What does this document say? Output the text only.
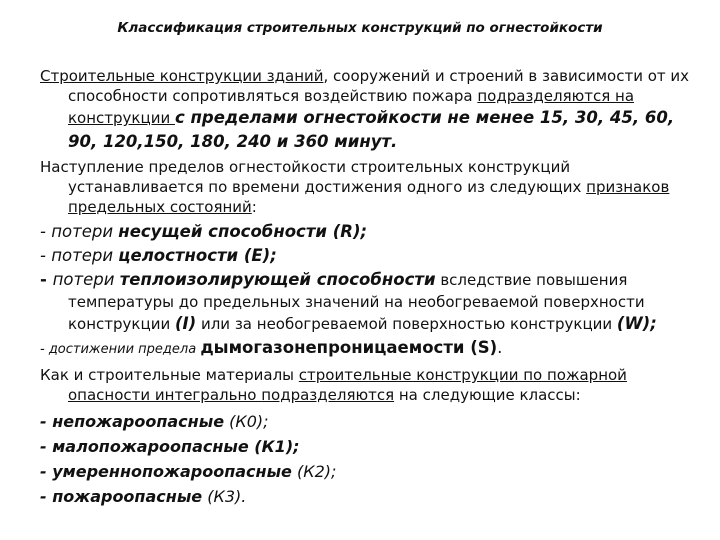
Классификация строительных конструкций по огнестойкости

Строительные конструкции зданий, сооружений и строений в зависимости от их способности сопротивляться воздействию пожара подразделяются на конструкции с пределами огнестойкости не менее 15, 30, 45, 60, 90, 120,150, 180, 240 и 360 минут.

Наступление пределов огнестойкости строительных конструкций устанавливается по времени достижения одного из следующих признаков предельных состояний:

- потери несущей способности (R);

- потери целостности (E);

- потери теплоизолирующей способности вследствие повышения температуры до предельных значений на необогреваемой поверхности конструкции (I) или за необогреваемой поверхностью конструкции (W);

- достижении предела дымогазонепроницаемости (S).

Как и строительные материалы строительные конструкции по пожарной опасности интегрально подразделяются на следующие классы:

- непожароопасные (К0);

- малопожароопасные (К1);

- умереннопожароопасные (К2);

- пожароопасные (К3).
